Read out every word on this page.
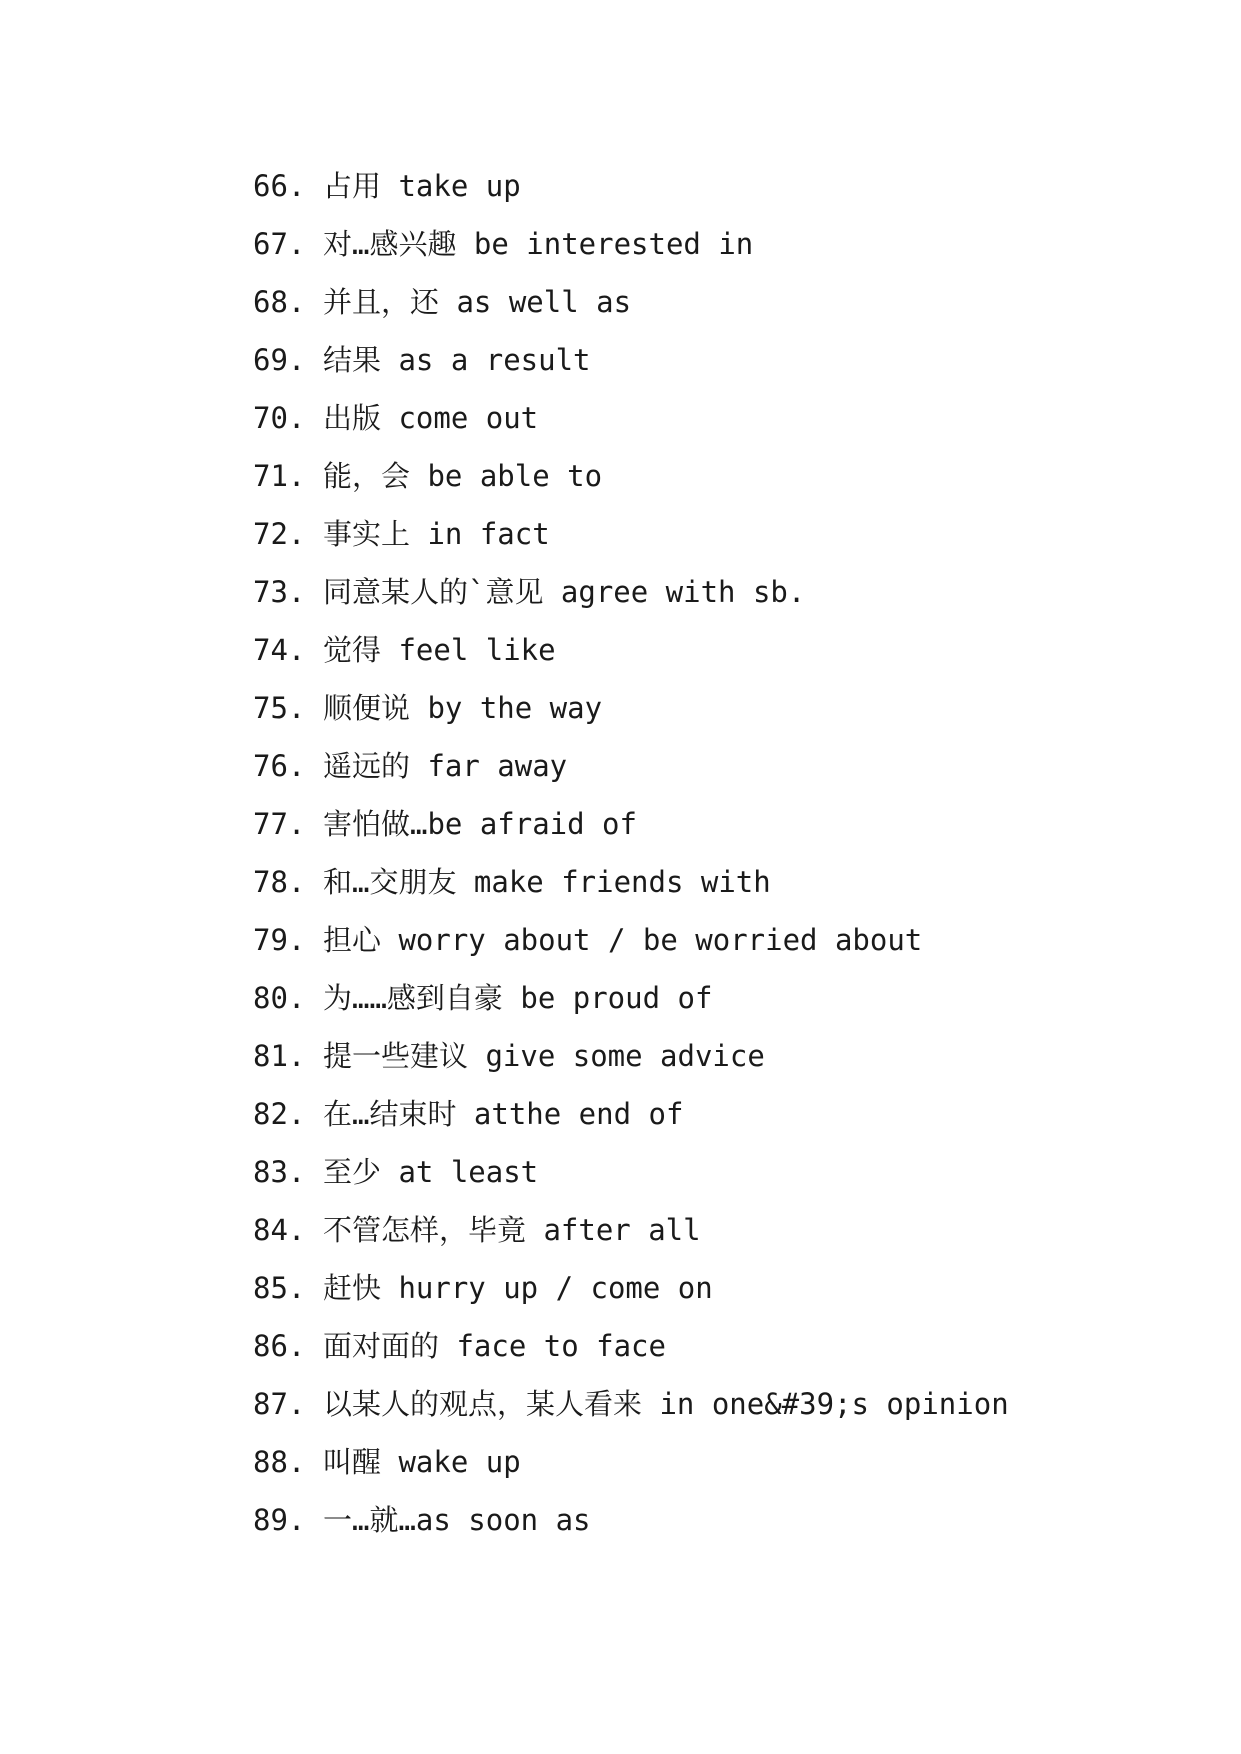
66. 占用 take up
67. 对…感兴趣 be interested in
68. 并且，还 as well as
69. 结果 as a result
70. 出版 come out
71. 能，会 be able to
72. 事实上 in fact
73. 同意某人的`意见 agree with sb.
74. 觉得 feel like
75. 顺便说 by the way
76. 遥远的 far away
77. 害怕做…be afraid of
78. 和…交朋友 make friends with
79. 担心 worry about / be worried about
80. 为……感到自豪 be proud of
81. 提一些建议 give some advice
82. 在…结束时 atthe end of
83. 至少 at least
84. 不管怎样，毕竟 after all
85. 赶快 hurry up / come on
86. 面对面的 face to face
87. 以某人的观点，某人看来 in one&#39;s opinion
88. 叫醒 wake up
89. 一…就…as soon as
